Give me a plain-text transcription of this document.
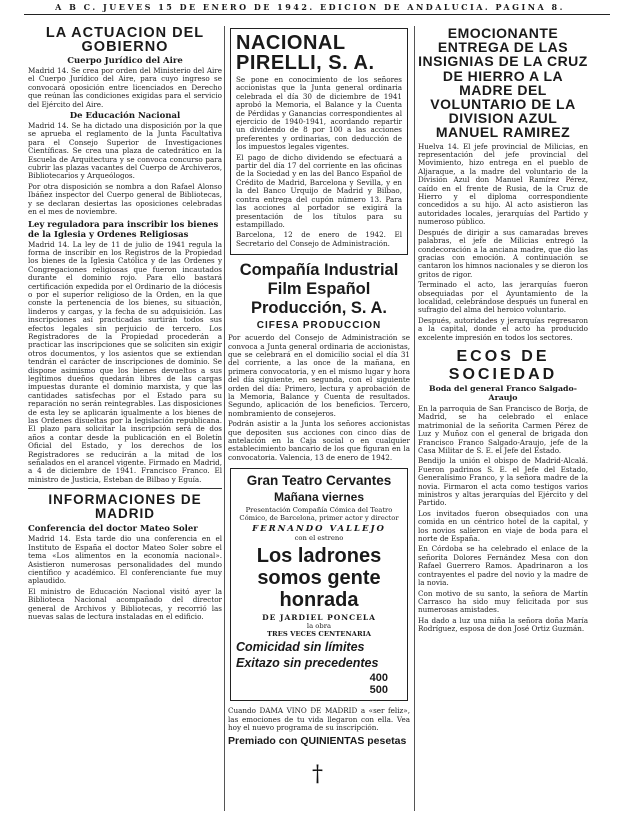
A B C. JUEVES 15 DE ENERO DE 1942. EDICION DE ANDALUCIA. PAGINA 8.
LA ACTUACION DEL GOBIERNO
Cuerpo Jurídico del Aire

Madrid 14. Se crea por orden del Ministerio del Aire el Cuerpo Jurídico del Aire, para cuyo ingreso se convocará oposición entre licenciados en Derecho que reúnan las condiciones exigidas para el servicio del Ejército del Aire.

De Educación Nacional

Madrid 14. Se ha dictado una disposición por la que se aprueba el reglamento de la Junta Facultativa para el Consejo Superior de Investigaciones Científicas. Se crea una plaza de catedrático en la Escuela de Arquitectura y se convoca concurso para cubrir las plazas vacantes del Cuerpo de Archiveros, Bibliotecarios y Arqueólogos.

Por otra disposición se nombra a don Rafael Alonso Ibáñez inspector del Cuerpo general de Bibliotecas, y se declaran desiertas las oposiciones celebradas en el mes de noviembre.

Ley reguladora para inscribir los bienes de la Iglesia y Ordenes Religiosas

Madrid 14. La ley de 11 de julio de 1941 regula la forma de inscribir en los Registros de la Propiedad los bienes de la Iglesia Católica y de las Ordenes y Congregaciones religiosas que fueron incautados durante el dominio rojo. Para ello bastará certificación expedida por el Ordinario de la diócesis o por el superior religioso de la Orden, en la que conste la pertenencia de los bienes, su situación, linderos y cargas, y la fecha de su adquisición. Las inscripciones así practicadas surtirán todos sus efectos legales sin perjuicio de tercero. Los Registradores de la Propiedad procederán a practicar las inscripciones que se soliciten sin exigir otros documentos, y los asientos que se extiendan tendrán el carácter de inscripciones de dominio. Se dispone asimismo que los bienes devueltos a sus legítimos dueños quedarán libres de las cargas impuestas durante el dominio marxista, y que las cantidades satisfechas por el Estado para su reparación no serán reintegrables. Las disposiciones de esta ley se aplicarán igualmente a los bienes de las Ordenes disueltas por la legislación republicana. El plazo para solicitar la inscripción será de dos años a contar desde la publicación en el Boletín Oficial del Estado, y los derechos de los Registradores se reducirán a la mitad de los señalados en el arancel vigente. Firmado en Madrid, a 4 de diciembre de 1941. Francisco Franco. El ministro de Justicia, Esteban de Bilbao y Eguía.

INFORMACIONES DE MADRID
Conferencia del doctor Mateo Soler

Madrid 14. Esta tarde dio una conferencia en el Instituto de España el doctor Mateo Soler sobre el tema «Los alimentos en la economía nacional». Asistieron numerosas personalidades del mundo científico y académico. El conferenciante fue muy aplaudido.

El ministro de Educación Nacional visitó ayer la Biblioteca Nacional acompañado del director general de Archivos y Bibliotecas, y recorrió las nuevas salas de lectura instaladas en el edificio.

NACIONAL PIRELLI, S. A.

Se pone en conocimiento de los señores accionistas que la Junta general ordinaria celebrada el día 30 de diciembre de 1941 aprobó la Memoria, el Balance y la Cuenta de Pérdidas y Ganancias correspondientes al ejercicio de 1940-1941, acordando repartir un dividendo de 8 por 100 a las acciones preferentes y ordinarias, con deducción de los impuestos legales vigentes.

El pago de dicho dividendo se efectuará a partir del día 17 del corriente en las oficinas de la Sociedad y en las del Banco Español de Crédito de Madrid, Barcelona y Sevilla, y en la del Banco Urquijo de Madrid y Bilbao, contra entrega del cupón número 13. Para las acciones al portador se exigirá la presentación de los títulos para su estampillado.

Barcelona, 12 de enero de 1942. El Secretario del Consejo de Administración.

Compañía Industrial Film Español Producción, S. A.
CIFESA PRODUCCION

Por acuerdo del Consejo de Administración se convoca a Junta general ordinaria de accionistas, que se celebrará en el domicilio social el día 31 del corriente, a las once de la mañana, en primera convocatoria, y en el mismo lugar y hora del día siguiente, en segunda, con el siguiente orden del día: Primero, lectura y aprobación de la Memoria, Balance y Cuenta de resultados. Segundo, aplicación de los beneficios. Tercero, nombramiento de consejeros.

Podrán asistir a la Junta los señores accionistas que depositen sus acciones con cinco días de antelación en la Caja social o en cualquier establecimiento bancario de los que figuran en la convocatoria. Valencia, 13 de enero de 1942.

Gran Teatro Cervantes
Mañana viernes

Presentación Compañía Cómica del Teatro Cómico, de Barcelona, primer actor y director

FERNANDO VALLEJO

con el estreno

Los ladrones somos gente honrada

DE JARDIEL PONCELA

la obra

TRES VECES CENTENARIA

Comicidad sin límites
Exitazo sin precedentes
400
500

Cuando DAMA VINO DE MADRID a «ser feliz», las emociones de tu vida llegaron con ella. Vea hoy el nuevo programa de su inscripción.

Premiado con QUINIENTAS pesetas
EMOCIONANTE ENTREGA DE LAS INSIGNIAS DE LA CRUZ DE HIERRO A LA MADRE DEL VOLUNTARIO DE LA DIVISION AZUL MANUEL RAMIREZ

Huelva 14. El jefe provincial de Milicias, en representación del jefe provincial del Movimiento, hizo entrega en el pueblo de Aljaraque, a la madre del voluntario de la División Azul don Manuel Ramírez Pérez, caído en el frente de Rusia, de la Cruz de Hierro y el diploma correspondiente concedidos a su hijo. Al acto asistieron las autoridades locales, jerarquías del Partido y numeroso público.

Después de dirigir a sus camaradas breves palabras, el jefe de Milicias entregó la condecoración a la anciana madre, que dio las gracias con emoción. A continuación se cantaron los himnos nacionales y se dieron los gritos de rigor.

Terminado el acto, las jerarquías fueron obsequiadas por el Ayuntamiento de la localidad, celebrándose después un funeral en sufragio del alma del heroico voluntario.

Después, autoridades y jerarquías regresaron a la capital, donde el acto ha producido excelente impresión en todos los sectores.

ECOS DE SOCIEDAD
Boda del general Franco Salgado-Araujo

En la parroquia de San Francisco de Borja, de Madrid, se ha celebrado el enlace matrimonial de la señorita Carmen Pérez de Luz y Muñoz con el general de brigada don Francisco Franco Salgado-Araujo, jefe de la Casa Militar de S. E. el Jefe del Estado.

Bendijo la unión el obispo de Madrid-Alcalá. Fueron padrinos S. E. el Jefe del Estado, Generalísimo Franco, y la señora madre de la novia. Firmaron el acta como testigos varios ministros y altas jerarquías del Ejército y del Partido.

Los invitados fueron obsequiados con una comida en un céntrico hotel de la capital, y los novios salieron en viaje de boda para el norte de España.

En Córdoba se ha celebrado el enlace de la señorita Dolores Fernández Mesa con don Rafael Guerrero Ramos. Apadrinaron a los contrayentes el padre del novio y la madre de la novia.

Con motivo de su santo, la señora de Martín Carrasco ha sido muy felicitada por sus numerosas amistades.

Ha dado a luz una niña la señora doña María Rodríguez, esposa de don José Ortiz Guzmán.

†
